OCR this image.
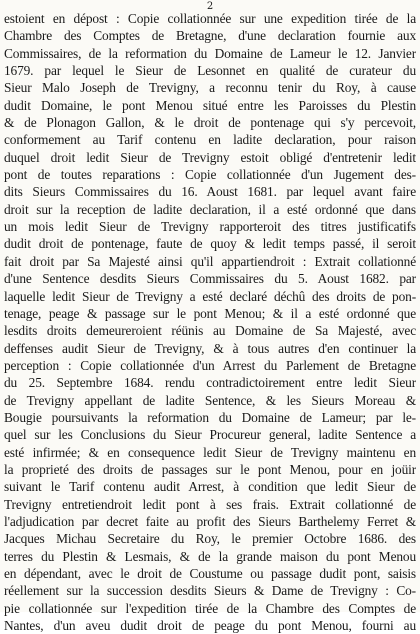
2
estoient en dépost : Copie collationnée sur une expedition tirée de la
Chambre des Comptes de Bretagne, d'une declaration fournie aux
Commissaires, de la reformation du Domaine de Lameur le 12. Janvier
1679. par lequel le Sieur de Lesonnet en qualité de curateur du
Sieur Malo Joseph de Trevigny, a reconnu tenir du Roy, à cause
dudit Domaine, le pont Menou situé entre les Paroisses du Plestin
& de Plonagon Gallon, & le droit de pontenage qui s'y percevoit,
conformement au Tarif contenu en ladite declaration, pour raison
duquel droit ledit Sieur de Trevigny estoit obligé d'entretenir ledit
pont de toutes reparations : Copie collationnée d'un Jugement des-
dits Sieurs Commissaires du 16. Aoust 1681. par lequel avant faire
droit sur la reception de ladite declaration, il a esté ordonné que dans
un mois ledit Sieur de Trevigny rapporteroit des titres justificatifs
dudit droit de pontenage, faute de quoy & ledit temps passé, il seroit
fait droit par Sa Majesté ainsi qu'il appartiendroit : Extrait collationné
d'une Sentence desdits Sieurs Commissaires du 5. Aoust 1682. par
laquelle ledit Sieur de Trevigny a esté declaré déchû des droits de pon-
tenage, peage & passage sur le pont Menou; & il a esté ordonné que
lesdits droits demeureroient réünis au Domaine de Sa Majesté, avec
deffenses audit Sieur de Trevigny, & à tous autres d'en continuer la
perception : Copie collationnée d'un Arrest du Parlement de Bretagne
du 25. Septembre 1684. rendu contradictoirement entre ledit Sieur
de Trevigny appellant de ladite Sentence, & les Sieurs Moreau &
Bougie poursuivants la reformation du Domaine de Lameur; par le-
quel sur les Conclusions du Sieur Procureur general, ladite Sentence a
esté infirmée; & en consequence ledit Sieur de Trevigny maintenu en
la proprieté des droits de passages sur le pont Menou, pour en joüir
suivant le Tarif contenu audit Arrest, à condition que ledit Sieur de
Trevigny entretiendroit ledit pont à ses frais. Extrait collationné de
l'adjudication par decret faite au profit des Sieurs Barthelemy Ferret &
Jacques Michau Secretaire du Roy, le premier Octobre 1686. des
terres du Plestin & Lesmais, & de la grande maison du pont Menou
en dépendant, avec le droit de Coustume ou passage dudit pont, saisis
réellement sur la succession desdits Sieurs & Dame de Trevigny : Co-
pie collationnée sur l'expedition tirée de la Chambre des Comptes de
Nantes, d'un aveu dudit droit de peage du pont Menou, fourni au
